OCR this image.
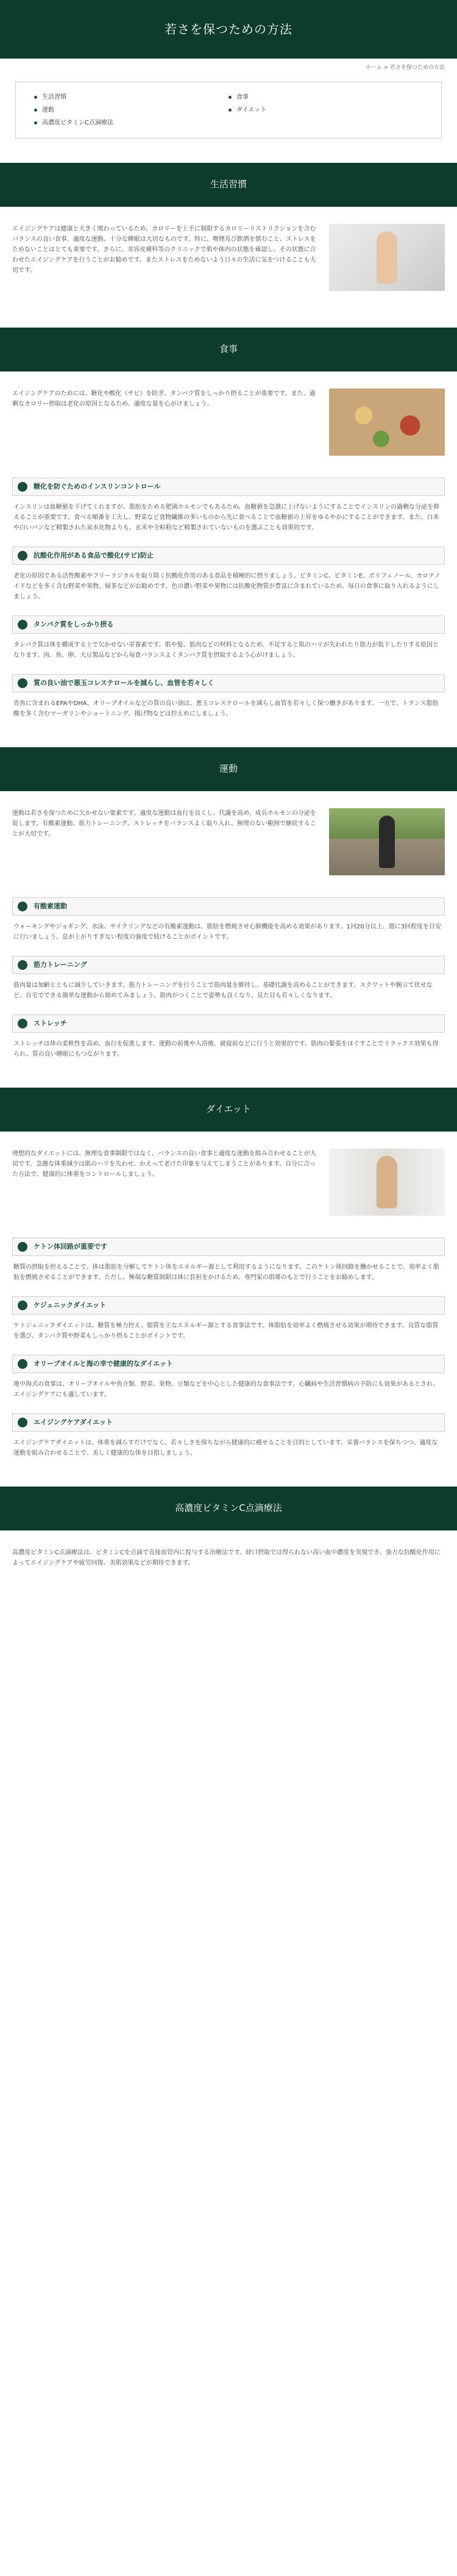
若さを保つための方法
ホーム > 若さを保つための方法
生活習慣	食事
運動	ダイエット
高濃度ビタミンC点滴療法
生活習慣

エイジングケアは健康と大きく関わっているため、カロリーを上手に制限するカロリーリストリクションを含むバランスの良い食事、適度な運動、十分な睡眠は大切なものです。特に、喫煙及び飲酒を慎むこと、ストレスをためないことはとても重要です。さらに、美容皮膚科等のクリニックで肌や体内の状態を確認し、その状態に合わせたエイジングケアを行うことがお勧めです。またストレスをためないよう日々の生活に気をつけることも大切です。

食事

エイジングケアのためには、糖化や酸化（サビ）を防ぎ、タンパク質をしっかり摂ることが重要です。また、過剰なカロリー摂取は老化の原因となるため、適度な量を心がけましょう。

糖化を防ぐためのインスリンコントロール

インスリンは血糖値を下げてくれますが、脂肪をためる肥満ホルモンでもあるため、血糖値を急激に上げないようにすることでインスリンの過剰な分泌を抑えることが重要です。食べる順番を工夫し、野菜など食物繊維の多いものから先に食べることで血糖値の上昇をゆるやかにすることができます。また、白米や白いパンなど精製された炭水化物よりも、玄米や全粒粉など精製されていないものを選ぶことも効果的です。

抗酸化作用がある食品で酸化(サビ)防止

老化の原因である活性酸素やフリーラジカルを取り除く抗酸化作用のある食品を積極的に摂りましょう。ビタミンC、ビタミンE、ポリフェノール、カロテノイドなどを多く含む野菜や果物、緑茶などがお勧めです。色の濃い野菜や果物には抗酸化物質が豊富に含まれているため、毎日の食事に取り入れるようにしましょう。

タンパク質をしっかり摂る

タンパク質は体を構成する上で欠かせない栄養素です。肌や髪、筋肉などの材料となるため、不足すると肌のハリが失われたり筋力が低下したりする原因となります。肉、魚、卵、大豆製品などから毎食バランスよくタンパク質を摂取するよう心がけましょう。

質の良い油で悪玉コレステロールを減らし、血管を若々しく

青魚に含まれるEPAやDHA、オリーブオイルなどの質の良い油は、悪玉コレステロールを減らし血管を若々しく保つ働きがあります。一方で、トランス脂肪酸を多く含むマーガリンやショートニング、揚げ物などは控えめにしましょう。

運動

運動は若さを保つために欠かせない要素です。適度な運動は血行を良くし、代謝を高め、成長ホルモンの分泌を促します。有酸素運動、筋力トレーニング、ストレッチをバランスよく取り入れ、無理のない範囲で継続することが大切です。

有酸素運動

ウォーキングやジョギング、水泳、サイクリングなどの有酸素運動は、脂肪を燃焼させ心肺機能を高める効果があります。1回20分以上、週に3回程度を目安に行いましょう。息が上がりすぎない程度の強度で続けることがポイントです。

筋力トレーニング

筋肉量は加齢とともに減少していきます。筋力トレーニングを行うことで筋肉量を維持し、基礎代謝を高めることができます。スクワットや腕立て伏せなど、自宅でできる簡単な運動から始めてみましょう。筋肉がつくことで姿勢も良くなり、見た目も若々しくなります。

ストレッチ

ストレッチは体の柔軟性を高め、血行を促進します。運動の前後や入浴後、就寝前などに行うと効果的です。筋肉の緊張をほぐすことでリラックス効果も得られ、質の良い睡眠にもつながります。

ダイエット

理想的なダイエットには、無理な食事制限ではなく、バランスの良い食事と適度な運動を組み合わせることが大切です。急激な体重減少は肌のハリを失わせ、かえって老けた印象を与えてしまうことがあります。自分に合った方法で、健康的に体重をコントロールしましょう。

ケトン体回路が重要です

糖質の摂取を控えることで、体は脂肪を分解してケトン体をエネルギー源として利用するようになります。このケトン体回路を働かせることで、効率よく脂肪を燃焼させることができます。ただし、極端な糖質制限は体に負担をかけるため、専門家の指導のもとで行うことをお勧めします。

ケジェニックダイエット

ケトジェニックダイエットは、糖質を極力控え、脂質を主なエネルギー源とする食事法です。体脂肪を効率よく燃焼させる効果が期待できます。良質な脂質を選び、タンパク質や野菜もしっかり摂ることがポイントです。

オリーブオイルと海の幸で健康的なダイエット

地中海式の食事は、オリーブオイルや魚介類、野菜、果物、豆類などを中心とした健康的な食事法です。心臓病や生活習慣病の予防にも効果があるとされ、エイジングケアにも適しています。

エイジングケアダイエット

エイジングケアダイエットは、体重を減らすだけでなく、若々しさを保ちながら健康的に痩せることを目的としています。栄養バランスを保ちつつ、適度な運動を組み合わせることで、美しく健康的な体を目指しましょう。

高濃度ビタミンC点滴療法

高濃度ビタミンC点滴療法は、ビタミンCを点滴で直接血管内に投与する治療法です。経口摂取では得られない高い血中濃度を実現でき、強力な抗酸化作用によってエイジングケアや疲労回復、美肌効果などが期待できます。
